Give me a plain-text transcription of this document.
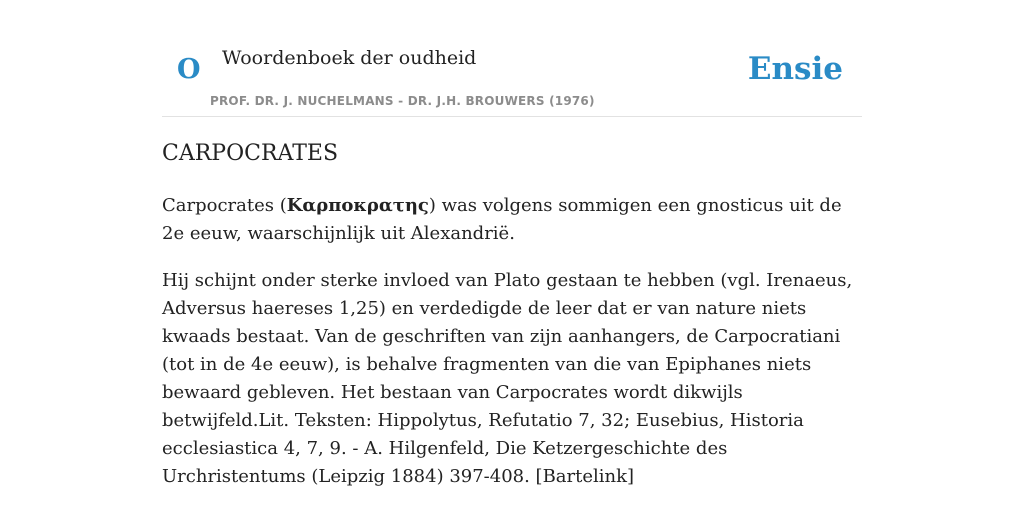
O Woordenboek der oudheid
PROF. DR. J. NUCHELMANS - DR. J.H. BROUWERS (1976)
Ensie
CARPOCRATES

Carpocrates (Καρποκρατης) was volgens sommigen een gnosticus uit de 2e eeuw, waarschijnlijk uit Alexandrië.

Hij schijnt onder sterke invloed van Plato gestaan te hebben (vgl. Irenaeus, Adversus haereses 1,25) en verdedigde de leer dat er van nature niets kwaads bestaat. Van de geschriften van zijn aanhangers, de Carpocratiani (tot in de 4e eeuw), is behalve fragmenten van die van Epiphanes niets bewaard gebleven. Het bestaan van Carpocrates wordt dikwijls betwijfeld.Lit. Teksten: Hippolytus, Refutatio 7, 32; Eusebius, Historia ecclesiastica 4, 7, 9. - A. Hilgenfeld, Die Ketzergeschichte des Urchristentums (Leipzig 1884) 397-408. [Bartelink]
